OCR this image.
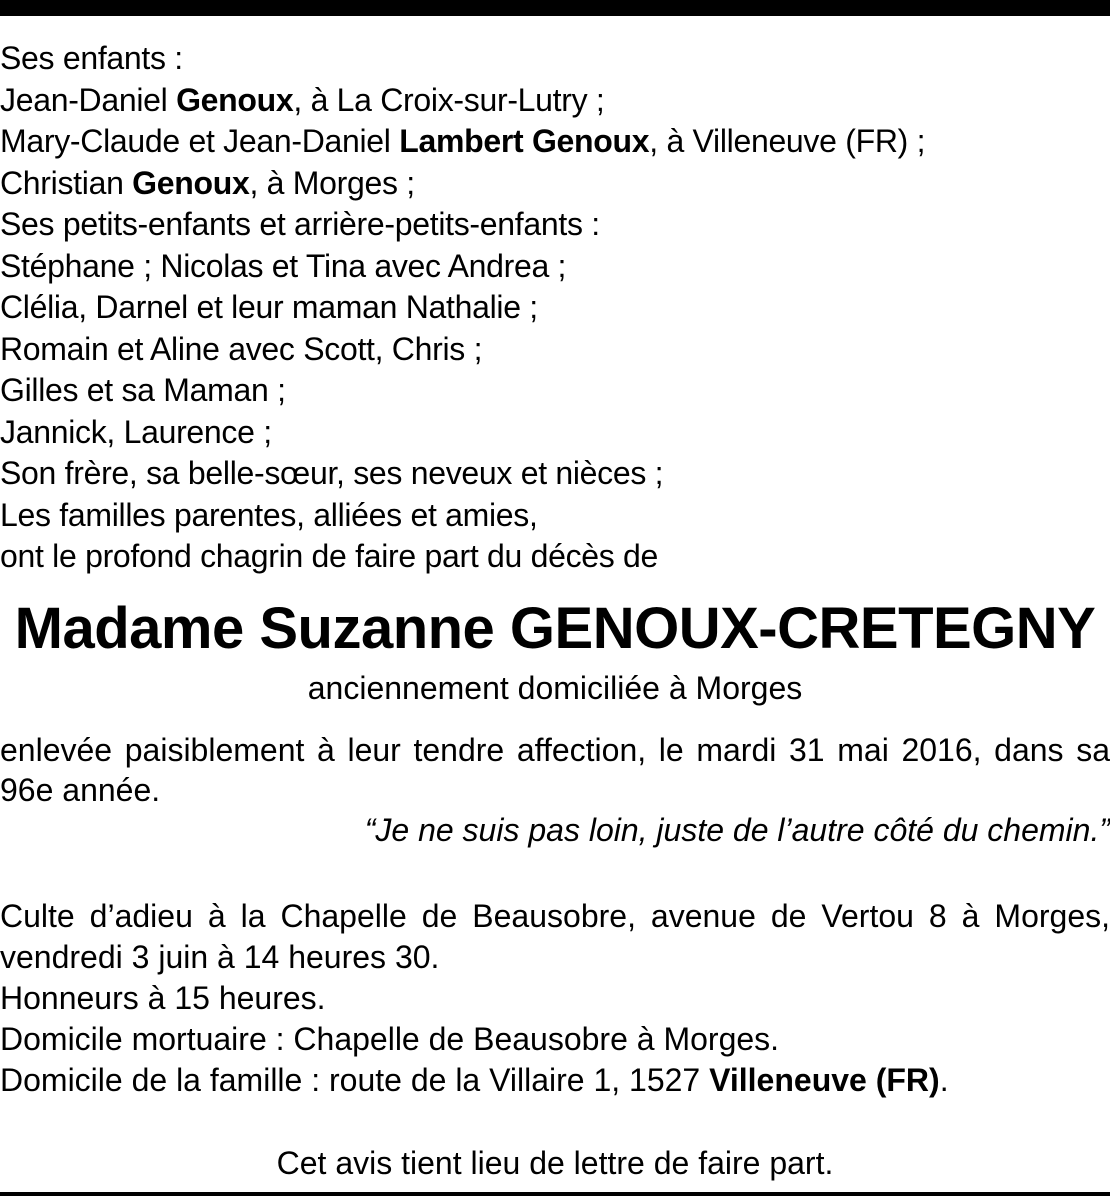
Ses enfants :
Jean-Daniel Genoux, à La Croix-sur-Lutry ;
Mary-Claude et Jean-Daniel Lambert Genoux, à Villeneuve (FR) ;
Christian Genoux, à Morges ;
Ses petits-enfants et arrière-petits-enfants :
Stéphane ; Nicolas et Tina avec Andrea ;
Clélia, Darnel et leur maman Nathalie ;
Romain et Aline avec Scott, Chris ;
Gilles et sa Maman ;
Jannick, Laurence ;
Son frère, sa belle-sœur, ses neveux et nièces ;
Les familles parentes, alliées et amies,
ont le profond chagrin de faire part du décès de
Madame Suzanne GENOUX-CRETEGNY
anciennement domiciliée à Morges
enlevée paisiblement à leur tendre affection, le mardi 31 mai 2016, dans sa 96e année.
“Je ne suis pas loin, juste de l’autre côté du chemin.”
Culte d’adieu à la Chapelle de Beausobre, avenue de Vertou 8 à Morges,
vendredi 3 juin à 14 heures 30.
Honneurs à 15 heures.
Domicile mortuaire : Chapelle de Beausobre à Morges.
Domicile de la famille : route de la Villaire 1, 1527 Villeneuve (FR).
Cet avis tient lieu de lettre de faire part.
